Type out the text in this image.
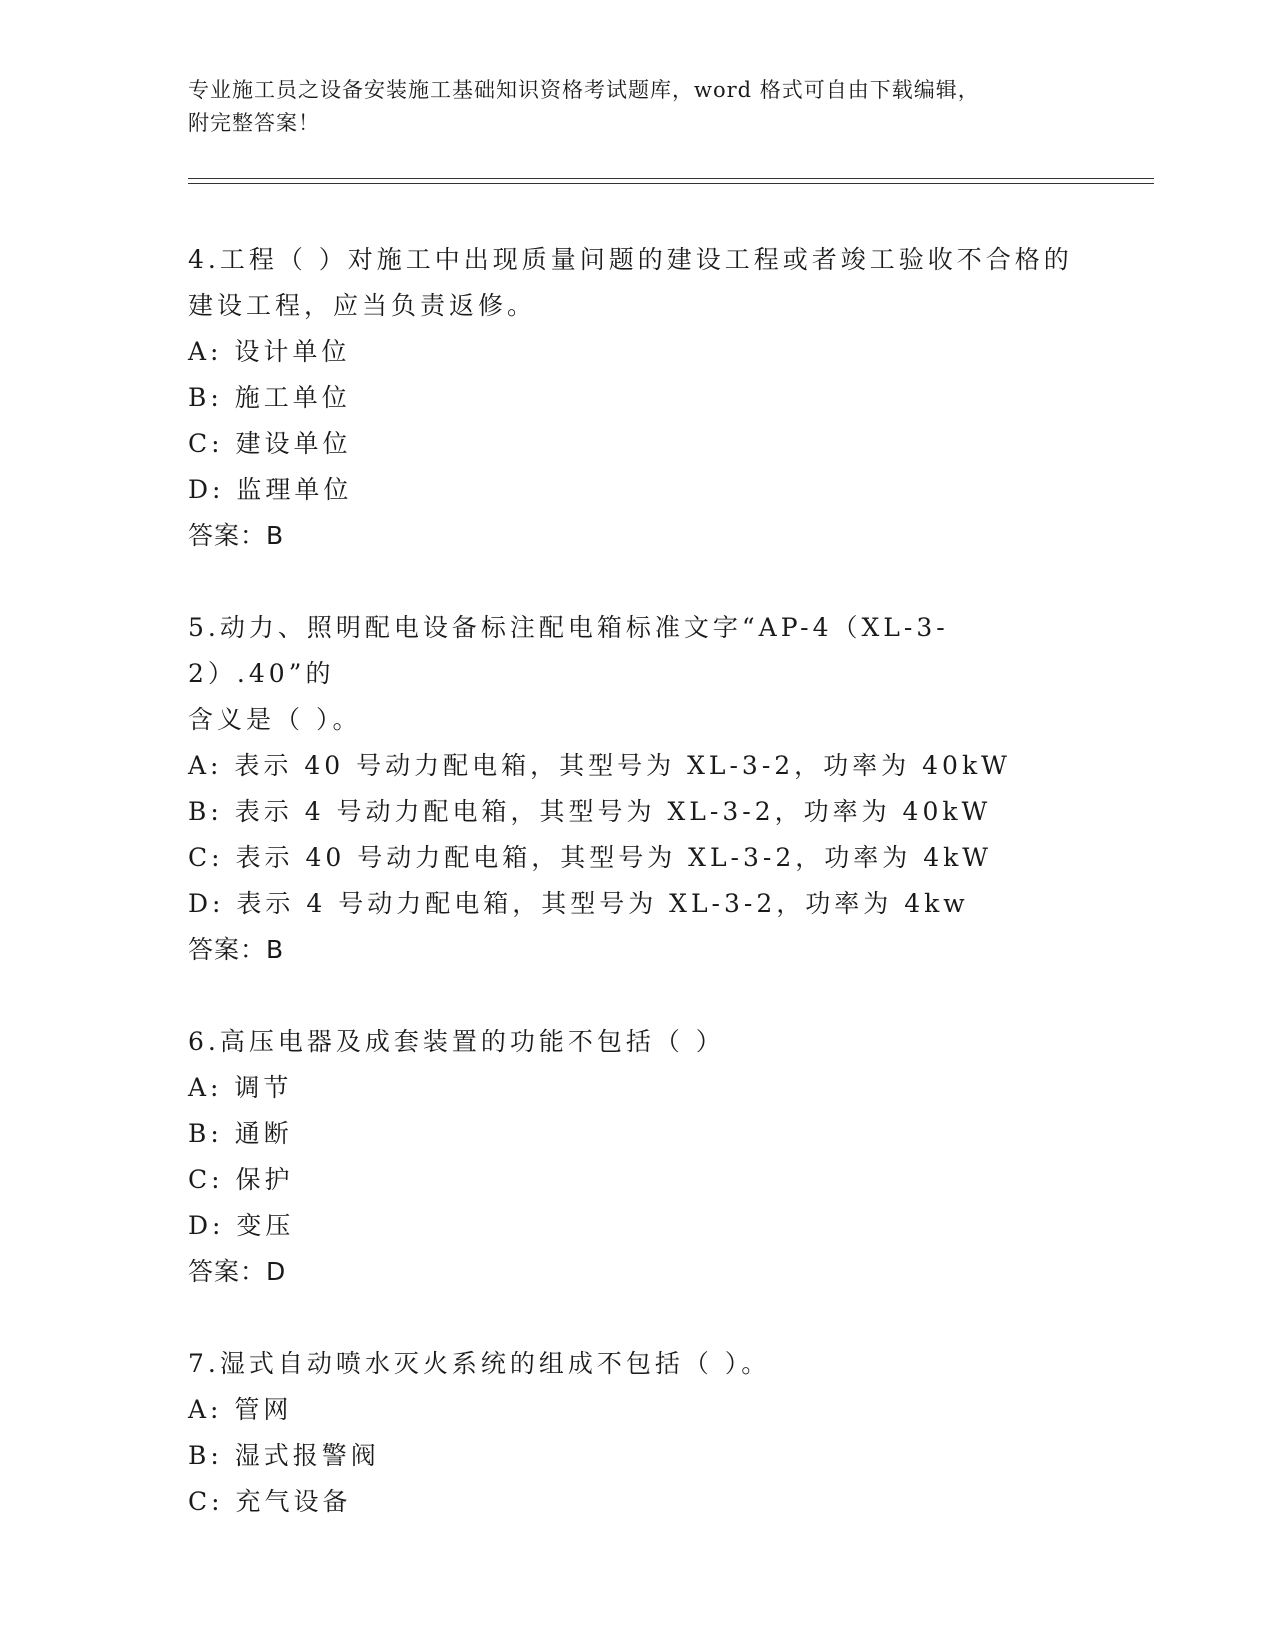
专业施工员之设备安装施工基础知识资格考试题库，word 格式可自由下载编辑，
附完整答案！

4.工程（ ）对施工中出现质量问题的建设工程或者竣工验收不合格的

建设工程，应当负责返修。

A: 设计单位

B: 施工单位

C: 建设单位

D: 监理单位

答案：B

5.动力、照明配电设备标注配电箱标准文字“AP-4（XL-3-2）.40”的

含义是（ ）。

A: 表示 40 号动力配电箱，其型号为 XL-3-2，功率为 40kW

B: 表示 4 号动力配电箱，其型号为 XL-3-2，功率为 40kW

C: 表示 40 号动力配电箱，其型号为 XL-3-2，功率为 4kW

D: 表示 4 号动力配电箱，其型号为 XL-3-2，功率为 4kw

答案：B

6.高压电器及成套装置的功能不包括（ ）

A: 调节

B: 通断

C: 保护

D: 变压

答案：D

7.湿式自动喷水灭火系统的组成不包括（ ）。

A: 管网

B: 湿式报警阀

C: 充气设备
